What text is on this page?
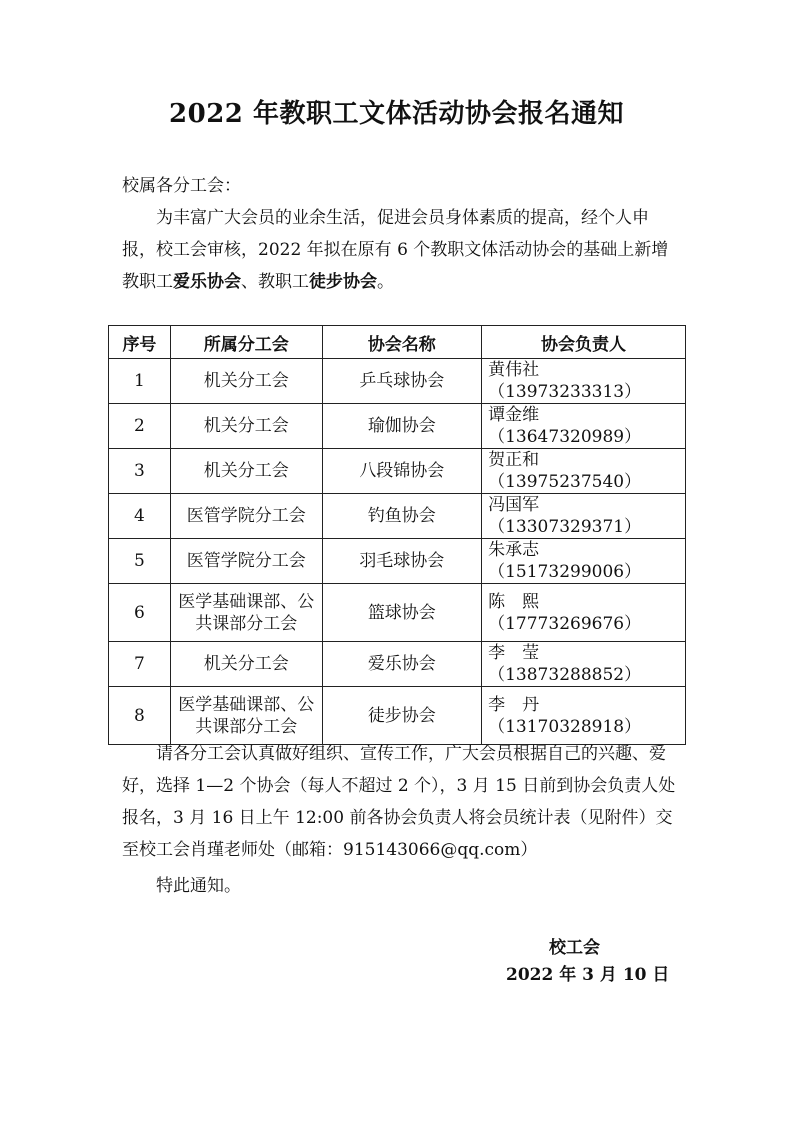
2022 年教职工文体活动协会报名通知
校属各分工会：
为丰富广大会员的业余生活，促进会员身体素质的提高，经个人申报，校工会审核，2022 年拟在原有 6 个教职文体活动协会的基础上新增教职工爱乐协会、教职工徒步协会。
序号	所属分工会	协会名称	协会负责人
1	机关分工会	乒乓球协会	黄伟社（13973233313）
2	机关分工会	瑜伽协会	谭金维（13647320989）
3	机关分工会	八段锦协会	贺正和（13975237540）
4	医管学院分工会	钓鱼协会	冯国军（13307329371）
5	医管学院分工会	羽毛球协会	朱承志（15173299006）
6	医学基础课部、公共课部分工会	篮球协会	陈　熙（17773269676）
7	机关分工会	爱乐协会	李　莹（13873288852）
8	医学基础课部、公共课部分工会	徒步协会	李　丹（13170328918）
请各分工会认真做好组织、宣传工作，广大会员根据自己的兴趣、爱好，选择 1—2 个协会（每人不超过 2 个），3 月 15 日前到协会负责人处报名，3 月 16 日上午 12:00 前各协会负责人将会员统计表（见附件）交至校工会肖瑾老师处（邮箱：915143066@qq.com）
特此通知。
校工会
2022 年 3 月 10 日
